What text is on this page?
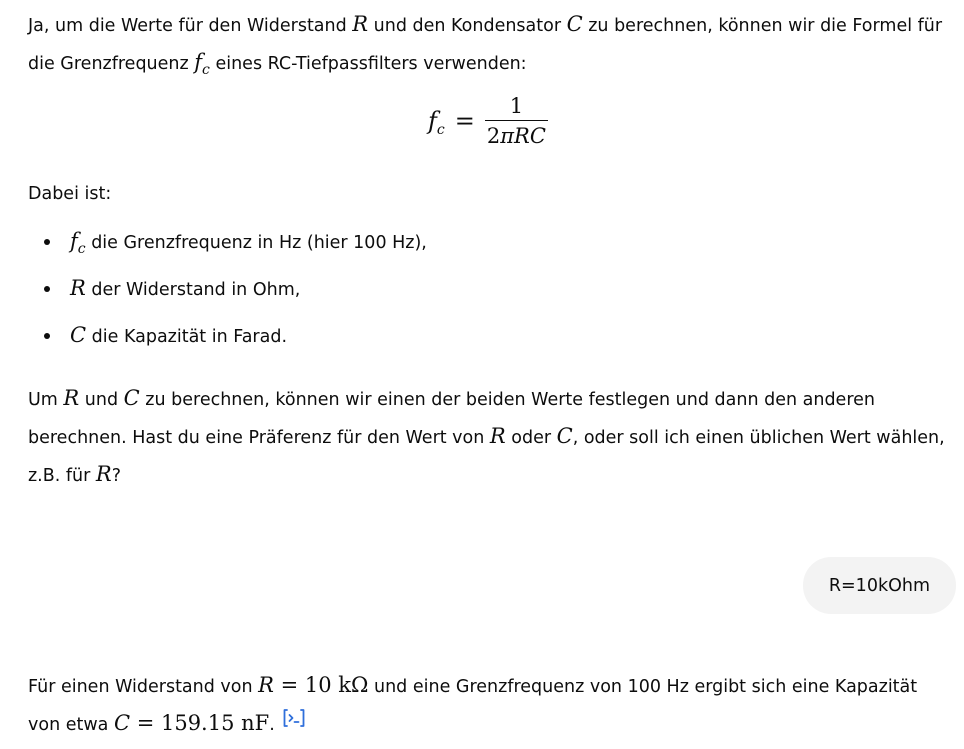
Ja, um die Werte für den Widerstand R und den Kondensator C zu berechnen, können wir die Formel für die Grenzfrequenz $f_c$ eines RC-Tiefpassfilters verwenden:

$f_c = \frac{1}{\text{2πRC}}$

Dabei ist:

$f_c$ die Grenzfrequenz in Hz (hier 100 Hz),
R der Widerstand in Ohm,
C die Kapazität in Farad.

Um R und C zu berechnen, können wir einen der beiden Werte festlegen und dann den anderen berechnen. Hast du eine Präferenz für den Wert von R oder C, oder soll ich einen üblichen Wert wählen, z.B. für R?

R=10kOhm

Für einen Widerstand von R = 10 kΩ und eine Grenzfrequenz von 100 Hz ergibt sich eine Kapazität von etwa C = 159.15 nF.
